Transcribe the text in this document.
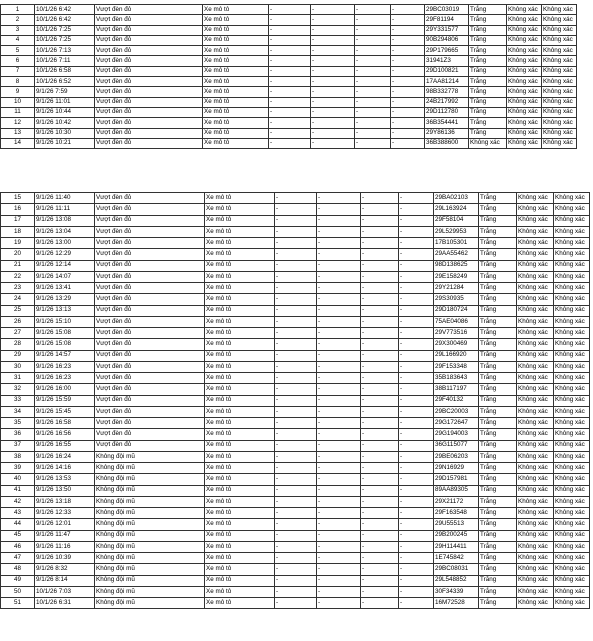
1	10/1/26 6:42	Vượt đèn đỏ	Xe mô tô	-	-	-	-	29BC03019	Trắng	Không xác	Không xác
2	10/1/26 6:42	Vượt đèn đỏ	Xe mô tô	-	-	-	-	29F81194	Trắng	Không xác	Không xác
3	10/1/26 7:25	Vượt đèn đỏ	Xe mô tô	-	-	-	-	29Y331577	Trắng	Không xác	Không xác
4	10/1/26 7:25	Vượt đèn đỏ	Xe mô tô	-	-	-	-	90B294806	Trắng	Không xác	Không xác
5	10/1/26 7:13	Vượt đèn đỏ	Xe mô tô	-	-	-	-	29P179665	Trắng	Không xác	Không xác
6	10/1/26 7:11	Vượt đèn đỏ	Xe mô tô	-	-	-	-	31941Z3	Trắng	Không xác	Không xác
7	10/1/26 6:58	Vượt đèn đỏ	Xe mô tô	-	-	-	-	29D100821	Trắng	Không xác	Không xác
8	10/1/26 6:52	Vượt đèn đỏ	Xe mô tô	-	-	-	-	17AA81214	Trắng	Không xác	Không xác
9	9/1/26 7:59	Vượt đèn đỏ	Xe mô tô	-	-	-	-	98B332778	Trắng	Không xác	Không xác
10	9/1/26 11:01	Vượt đèn đỏ	Xe mô tô	-	-	-	-	24B217992	Trắng	Không xác	Không xác
11	9/1/26 10:44	Vượt đèn đỏ	Xe mô tô	-	-	-	-	29D112780	Trắng	Không xác	Không xác
12	9/1/26 10:42	Vượt đèn đỏ	Xe mô tô	-	-	-	-	36B354441	Trắng	Không xác	Không xác
13	9/1/26 10:30	Vượt đèn đỏ	Xe mô tô	-	-	-	-	29Y86136	Trắng	Không xác	Không xác
14	9/1/26 10:21	Vượt đèn đỏ	Xe mô tô	-	-	-	-	36B388600	Không xác	Không xác	Không xác
15	9/1/26 11:40	Vượt đèn đỏ	Xe mô tô	-	-	-	-	29BA02103	Trắng	Không xác	Không xác
16	9/1/26 11:11	Vượt đèn đỏ	Xe mô tô	-	-	-	-	29L163924	Trắng	Không xác	Không xác
17	9/1/26 13:08	Vượt đèn đỏ	Xe mô tô	-	-	-	-	29F58104	Trắng	Không xác	Không xác
18	9/1/26 13:04	Vượt đèn đỏ	Xe mô tô	-	-	-	-	29L529953	Trắng	Không xác	Không xác
19	9/1/26 13:00	Vượt đèn đỏ	Xe mô tô	-	-	-	-	17B105301	Trắng	Không xác	Không xác
20	9/1/26 12:29	Vượt đèn đỏ	Xe mô tô	-	-	-	-	29AA55462	Trắng	Không xác	Không xác
21	9/1/26 12:14	Vượt đèn đỏ	Xe mô tô	-	-	-	-	98D138625	Trắng	Không xác	Không xác
22	9/1/26 14:07	Vượt đèn đỏ	Xe mô tô	-	-	-	-	29E158249	Trắng	Không xác	Không xác
23	9/1/26 13:41	Vượt đèn đỏ	Xe mô tô	-	-	-	-	29Y21284	Trắng	Không xác	Không xác
24	9/1/26 13:29	Vượt đèn đỏ	Xe mô tô	-	-	-	-	29S30935	Trắng	Không xác	Không xác
25	9/1/26 13:13	Vượt đèn đỏ	Xe mô tô	-	-	-	-	29D180724	Trắng	Không xác	Không xác
26	9/1/26 15:10	Vượt đèn đỏ	Xe mô tô	-	-	-	-	75AE04086	Trắng	Không xác	Không xác
27	9/1/26 15:08	Vượt đèn đỏ	Xe mô tô	-	-	-	-	29V773516	Trắng	Không xác	Không xác
28	9/1/26 15:08	Vượt đèn đỏ	Xe mô tô	-	-	-	-	29X300469	Trắng	Không xác	Không xác
29	9/1/26 14:57	Vượt đèn đỏ	Xe mô tô	-	-	-	-	29L166920	Trắng	Không xác	Không xác
30	9/1/26 16:23	Vượt đèn đỏ	Xe mô tô	-	-	-	-	29F153348	Trắng	Không xác	Không xác
31	9/1/26 16:23	Vượt đèn đỏ	Xe mô tô	-	-	-	-	35B183643	Trắng	Không xác	Không xác
32	9/1/26 16:00	Vượt đèn đỏ	Xe mô tô	-	-	-	-	38B117197	Trắng	Không xác	Không xác
33	9/1/26 15:59	Vượt đèn đỏ	Xe mô tô	-	-	-	-	29F40132	Trắng	Không xác	Không xác
34	9/1/26 15:45	Vượt đèn đỏ	Xe mô tô	-	-	-	-	29BC20003	Trắng	Không xác	Không xác
35	9/1/26 16:58	Vượt đèn đỏ	Xe mô tô	-	-	-	-	29G172647	Trắng	Không xác	Không xác
36	9/1/26 16:56	Vượt đèn đỏ	Xe mô tô	-	-	-	-	29G194003	Trắng	Không xác	Không xác
37	9/1/26 16:55	Vượt đèn đỏ	Xe mô tô	-	-	-	-	36G115077	Trắng	Không xác	Không xác
38	9/1/26 16:24	Không đội mũ	Xe mô tô	-	-	-	-	29BE06203	Trắng	Không xác	Không xác
39	9/1/26 14:16	Không đội mũ	Xe mô tô	-	-	-	-	29N16929	Trắng	Không xác	Không xác
40	9/1/26 13:53	Không đội mũ	Xe mô tô	-	-	-	-	29D157981	Trắng	Không xác	Không xác
41	9/1/26 13:50	Không đội mũ	Xe mô tô	-	-	-	-	89AA89305	Trắng	Không xác	Không xác
42	9/1/26 13:18	Không đội mũ	Xe mô tô	-	-	-	-	29X21172	Trắng	Không xác	Không xác
43	9/1/26 12:33	Không đội mũ	Xe mô tô	-	-	-	-	29F163548	Trắng	Không xác	Không xác
44	9/1/26 12:01	Không đội mũ	Xe mô tô	-	-	-	-	29U55513	Trắng	Không xác	Không xác
45	9/1/26 11:47	Không đội mũ	Xe mô tô	-	-	-	-	29B200245	Trắng	Không xác	Không xác
46	9/1/26 11:16	Không đội mũ	Xe mô tô	-	-	-	-	29H114411	Trắng	Không xác	Không xác
47	9/1/26 10:39	Không đội mũ	Xe mô tô	-	-	-	-	1E745842	Trắng	Không xác	Không xác
48	9/1/26 8:32	Không đội mũ	Xe mô tô	-	-	-	-	29BC08031	Trắng	Không xác	Không xác
49	9/1/26 8:14	Không đội mũ	Xe mô tô	-	-	-	-	29L548852	Trắng	Không xác	Không xác
50	10/1/26 7:03	Không đội mũ	Xe mô tô	-	-	-	-	30F34339	Trắng	Không xác	Không xác
51	10/1/26 6:31	Không đội mũ	Xe mô tô	-	-	-	-	16M72528	Trắng	Không xác	Không xác
